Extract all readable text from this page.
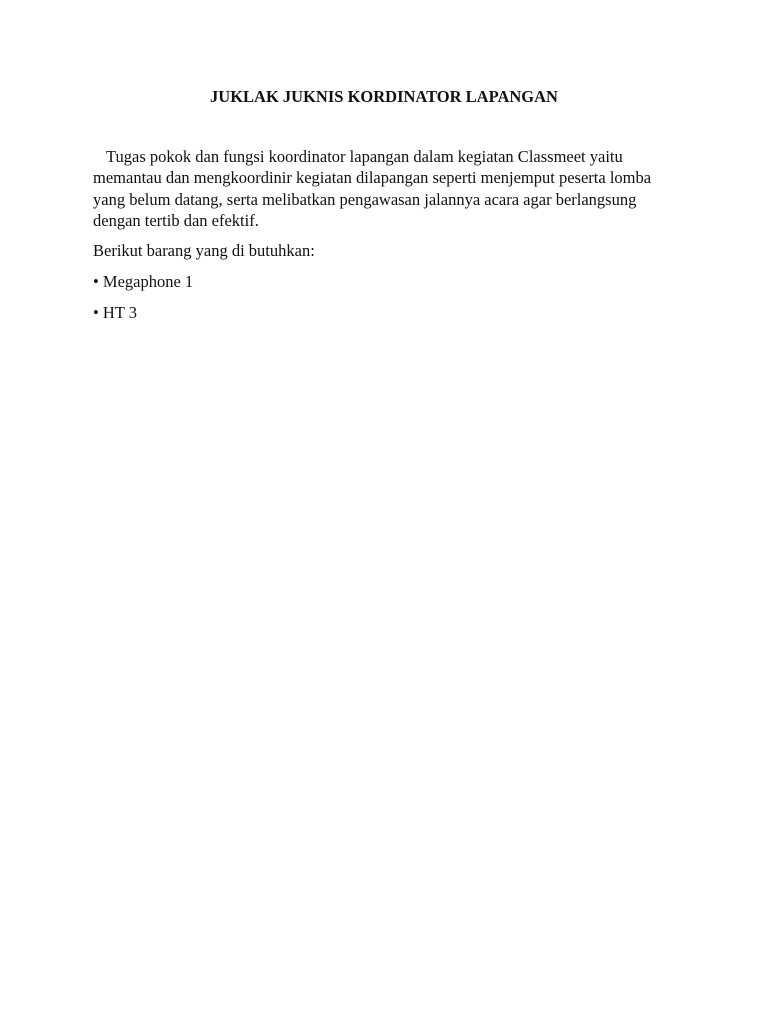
JUKLAK JUKNIS KORDINATOR LAPANGAN

Tugas pokok dan fungsi koordinator lapangan dalam kegiatan Classmeet yaitu memantau dan mengkoordinir kegiatan dilapangan seperti menjemput peserta lomba yang belum datang, serta melibatkan pengawasan jalannya acara agar berlangsung dengan tertib dan efektif.

Berikut barang yang di butuhkan:

• Megaphone 1

• HT 3
